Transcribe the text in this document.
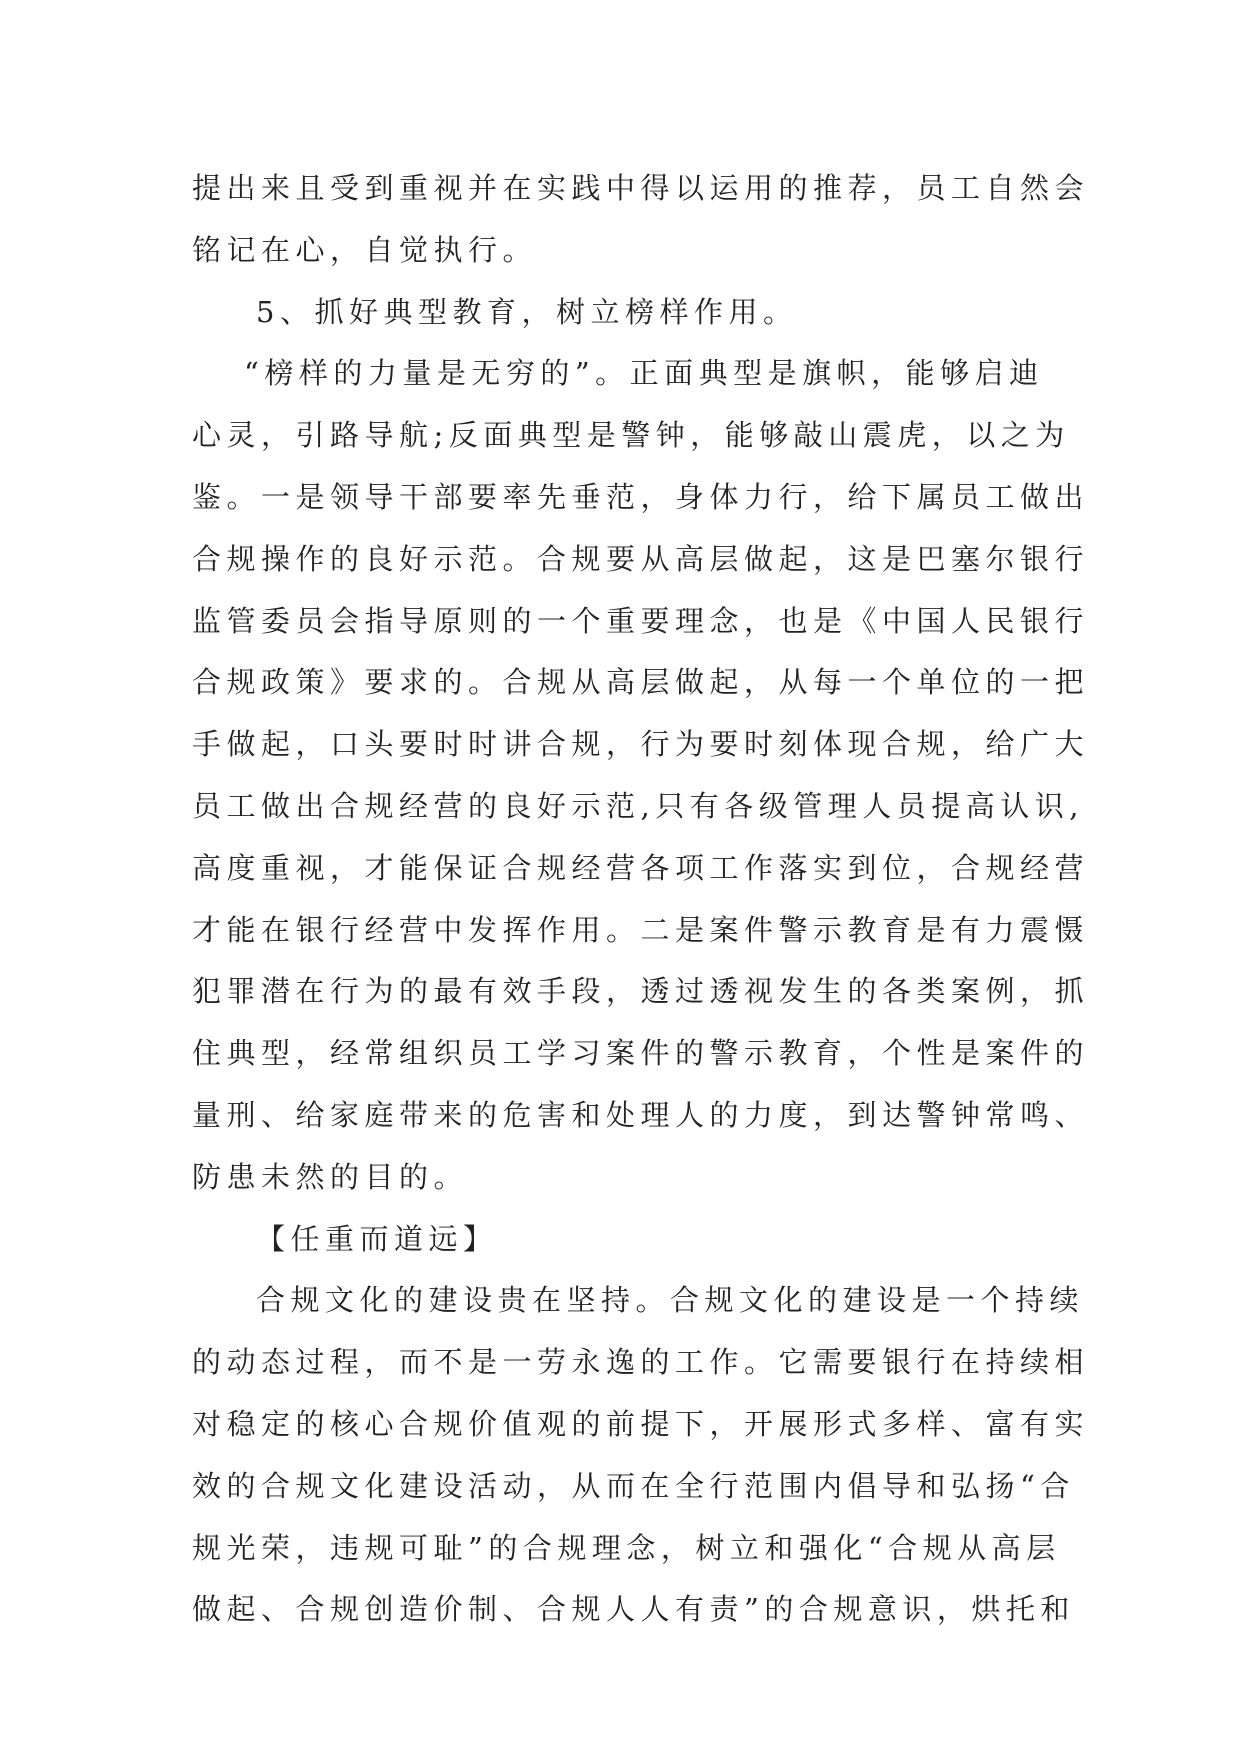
提出来且受到重视并在实践中得以运用的推荐，员工自然会
铭记在心，自觉执行。
5、抓好典型教育，树立榜样作用。
“榜样的力量是无穷的”。正面典型是旗帜，能够启迪
心灵，引路导航;反面典型是警钟，能够敲山震虎，以之为
鉴。一是领导干部要率先垂范，身体力行，给下属员工做出
合规操作的良好示范。合规要从高层做起，这是巴塞尔银行
监管委员会指导原则的一个重要理念，也是《中国人民银行
合规政策》要求的。合规从高层做起，从每一个单位的一把
手做起，口头要时时讲合规，行为要时刻体现合规，给广大
员工做出合规经营的良好示范,只有各级管理人员提高认识,
高度重视，才能保证合规经营各项工作落实到位，合规经营
才能在银行经营中发挥作用。二是案件警示教育是有力震慑
犯罪潜在行为的最有效手段，透过透视发生的各类案例，抓
住典型，经常组织员工学习案件的警示教育，个性是案件的
量刑、给家庭带来的危害和处理人的力度，到达警钟常鸣、
防患未然的目的。
【任重而道远】
合规文化的建设贵在坚持。合规文化的建设是一个持续
的动态过程，而不是一劳永逸的工作。它需要银行在持续相
对稳定的核心合规价值观的前提下，开展形式多样、富有实
效的合规文化建设活动，从而在全行范围内倡导和弘扬“合
规光荣，违规可耻”的合规理念，树立和强化“合规从高层
做起、合规创造价制、合规人人有责”的合规意识，烘托和
